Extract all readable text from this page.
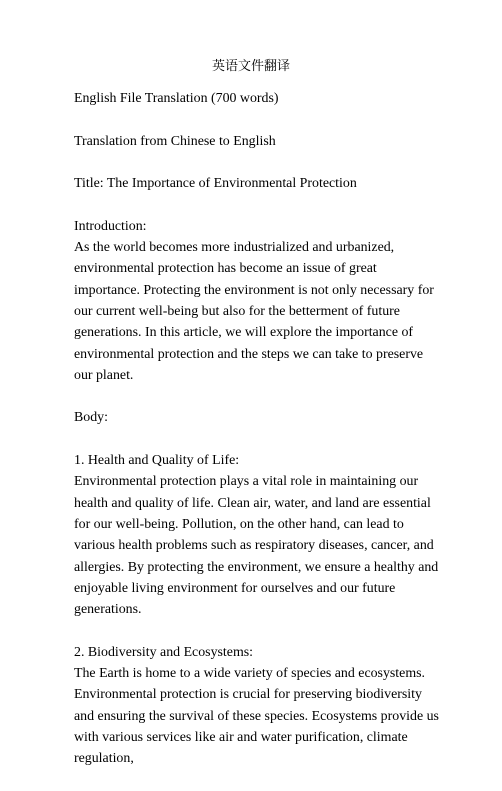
英语文件翻译

English File Translation (700 words)

Translation from Chinese to English

Title: The Importance of Environmental Protection

Introduction:
As the world becomes more industrialized and urbanized, environmental protection has become an issue of great importance. Protecting the environment is not only necessary for our current well-being but also for the betterment of future generations. In this article, we will explore the importance of environmental protection and the steps we can take to preserve our planet.

Body:

1. Health and Quality of Life:
Environmental protection plays a vital role in maintaining our health and quality of life. Clean air, water, and land are essential for our well-being. Pollution, on the other hand, can lead to various health problems such as respiratory diseases, cancer, and allergies. By protecting the environment, we ensure a healthy and enjoyable living environment for ourselves and our future generations.

2. Biodiversity and Ecosystems:
The Earth is home to a wide variety of species and ecosystems. Environmental protection is crucial for preserving biodiversity and ensuring the survival of these species. Ecosystems provide us with various services like air and water purification, climate regulation,
